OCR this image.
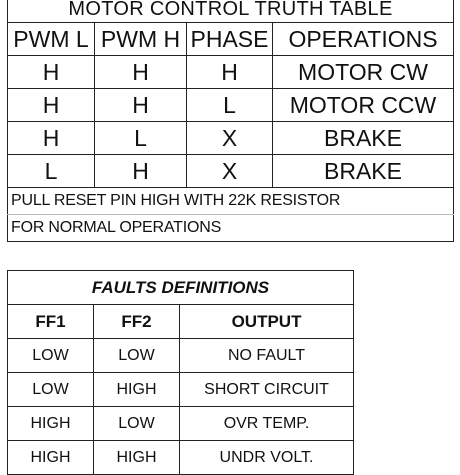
MOTOR CONTROL TRUTH TABLE			
PWM L	PWM H	PHASE	OPERATIONS
H	H	H	MOTOR CW
H	H	L	MOTOR CCW
H	L	X	BRAKE
L	H	X	BRAKE
PULL RESET PIN HIGH WITH 22K RESISTOR			
FOR NORMAL OPERATIONS			
FAULTS DEFINITIONS		
FF1	FF2	OUTPUT
LOW	LOW	NO FAULT
LOW	HIGH	SHORT CIRCUIT
HIGH	LOW	OVR TEMP.
HIGH	HIGH	UNDR VOLT.
